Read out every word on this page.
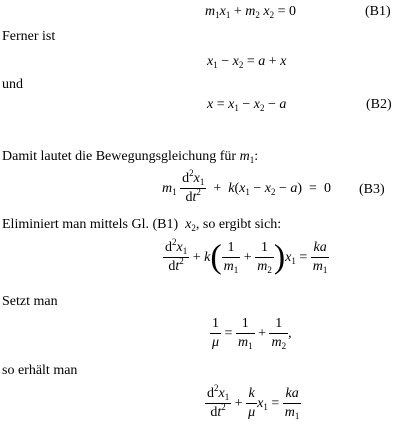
$m_1x_1 + m_2$ $x_2 = 0$	(B1)
Ferner ist
$x_1 - x_2 = a + x$
und
$x = x_1 - x_2 - a$	(B2)
Damit lautet die Bewegungsgleichung für $m_1$:
$m_1 \frac{d^2x_1}{dt^2} + k(x_1 - x_2 - a) = 0$ (B3)
Eliminiert man mittels Gl. (B1) $x_2$, so ergibt sich:
$\frac{d^2x_1}{dt^2} + k( \frac{1}{m_1} + \frac{1}{m_2} )x_1 = \frac{ka}{m_1}$
Setzt man
$\frac{1}{\mu} = \frac{1}{m_1} + \frac{1}{m_2}$ ,
so erhält man
$\frac{d^2x_1}{dt^2} + \frac{k}{\mu} x_1 = \frac{ka}{m_1}$
